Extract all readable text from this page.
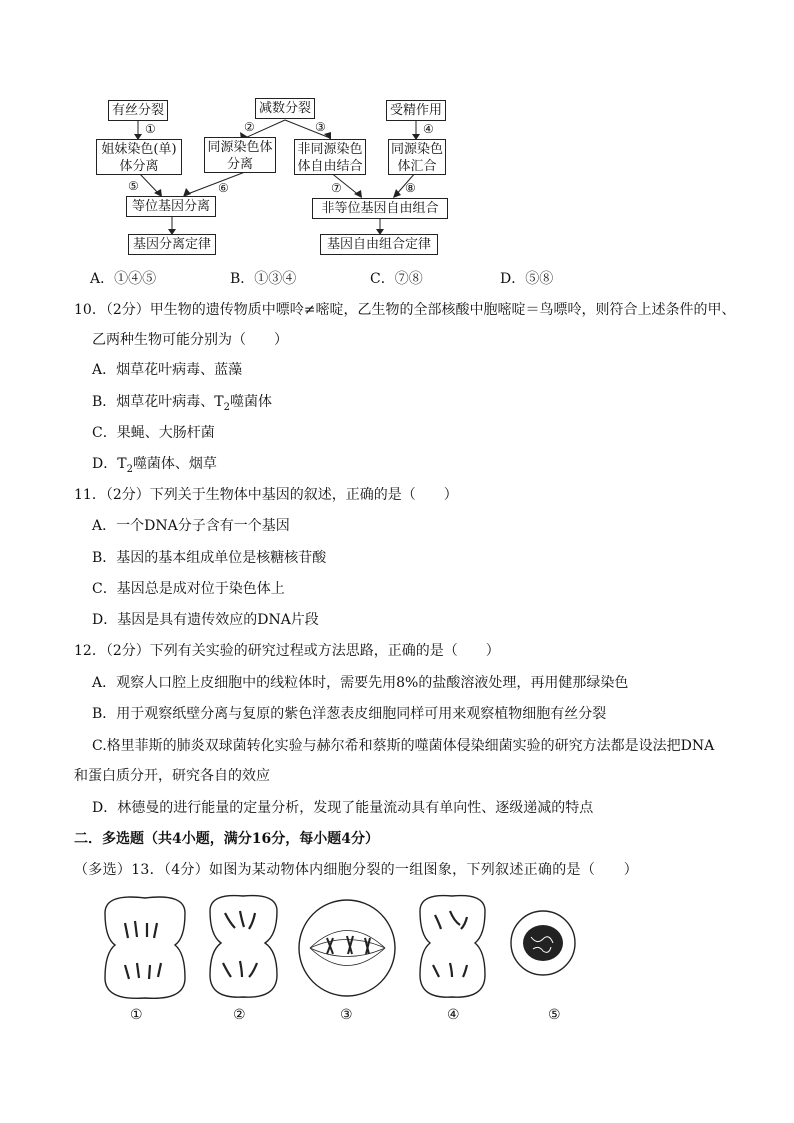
有丝分裂	减数分裂	受精作用
姐妹染色(单)体分离
同源染色体分离
非同源染色体自由结合
同源染色体汇合
等位基因分离	非等位基因自由组合
基因分离定律	基因自由组合定律
①	②	③	④
⑤	⑥	⑦	⑧
A．①④⑤	B．①③④	C．⑦⑧	D．⑤⑧
10．（2分）甲生物的遗传物质中嘌呤≠嘧啶，乙生物的全部核酸中胞嘧啶＝鸟嘌呤，则符合上述条件的甲、
乙两种生物可能分别为（　　）
A．烟草花叶病毒、蓝藻
B．烟草花叶病毒、$T_2$噬菌体
C．果蝇、大肠杆菌
D．$T_2$噬菌体、烟草
11．（2分）下列关于生物体中基因的叙述，正确的是（　　）
A．一个DNA分子含有一个基因
B．基因的基本组成单位是核糖核苷酸
C．基因总是成对位于染色体上
D．基因是具有遗传效应的DNA片段
12．（2分）下列有关实验的研究过程或方法思路，正确的是（　　）
A．观察人口腔上皮细胞中的线粒体时，需要先用8%的盐酸溶液处理，再用健那绿染色
B．用于观察纸壁分离与复原的紫色洋葱表皮细胞同样可用来观察植物细胞有丝分裂
C.格里菲斯的肺炎双球菌转化实验与赫尔希和蔡斯的噬菌体侵染细菌实验的研究方法都是设法把DNA
和蛋白质分开，研究各自的效应
D．林德曼的进行能量的定量分析，发现了能量流动具有单向性、逐级递减的特点
二．多选题（共4小题，满分16分，每小题4分）
（多选）13．（4分）如图为某动物体内细胞分裂的一组图象，下列叙述正确的是（　　）
①	②	③	④	⑤
